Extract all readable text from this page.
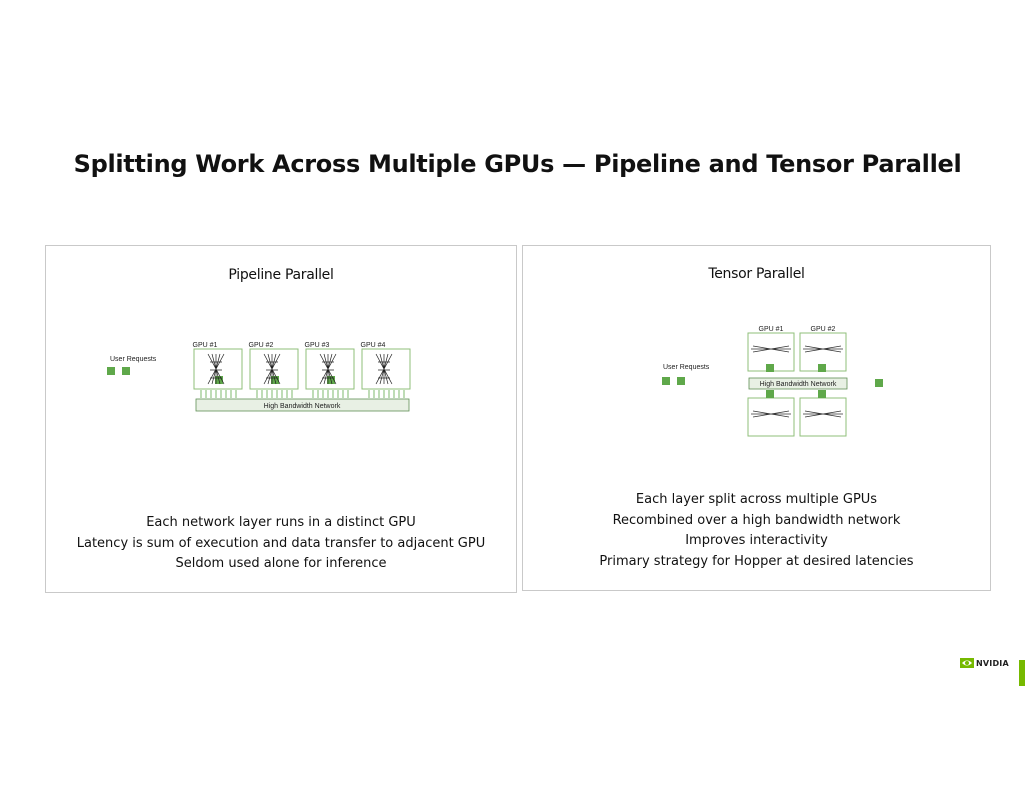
Splitting Work Across Multiple GPUs — Pipeline and Tensor Parallel
Pipeline Parallel
User Requests
GPU #1	GPU #2	GPU #3	GPU #4
High Bandwidth Network
Each network layer runs in a distinct GPU
Latency is sum of execution and data transfer to adjacent GPU
Seldom used alone for inference
Tensor Parallel
User Requests
GPU #1	GPU #2
High Bandwidth Network
Each layer split across multiple GPUs
Recombined over a high bandwidth network
Improves interactivity
Primary strategy for Hopper at desired latencies
NVIDIA
